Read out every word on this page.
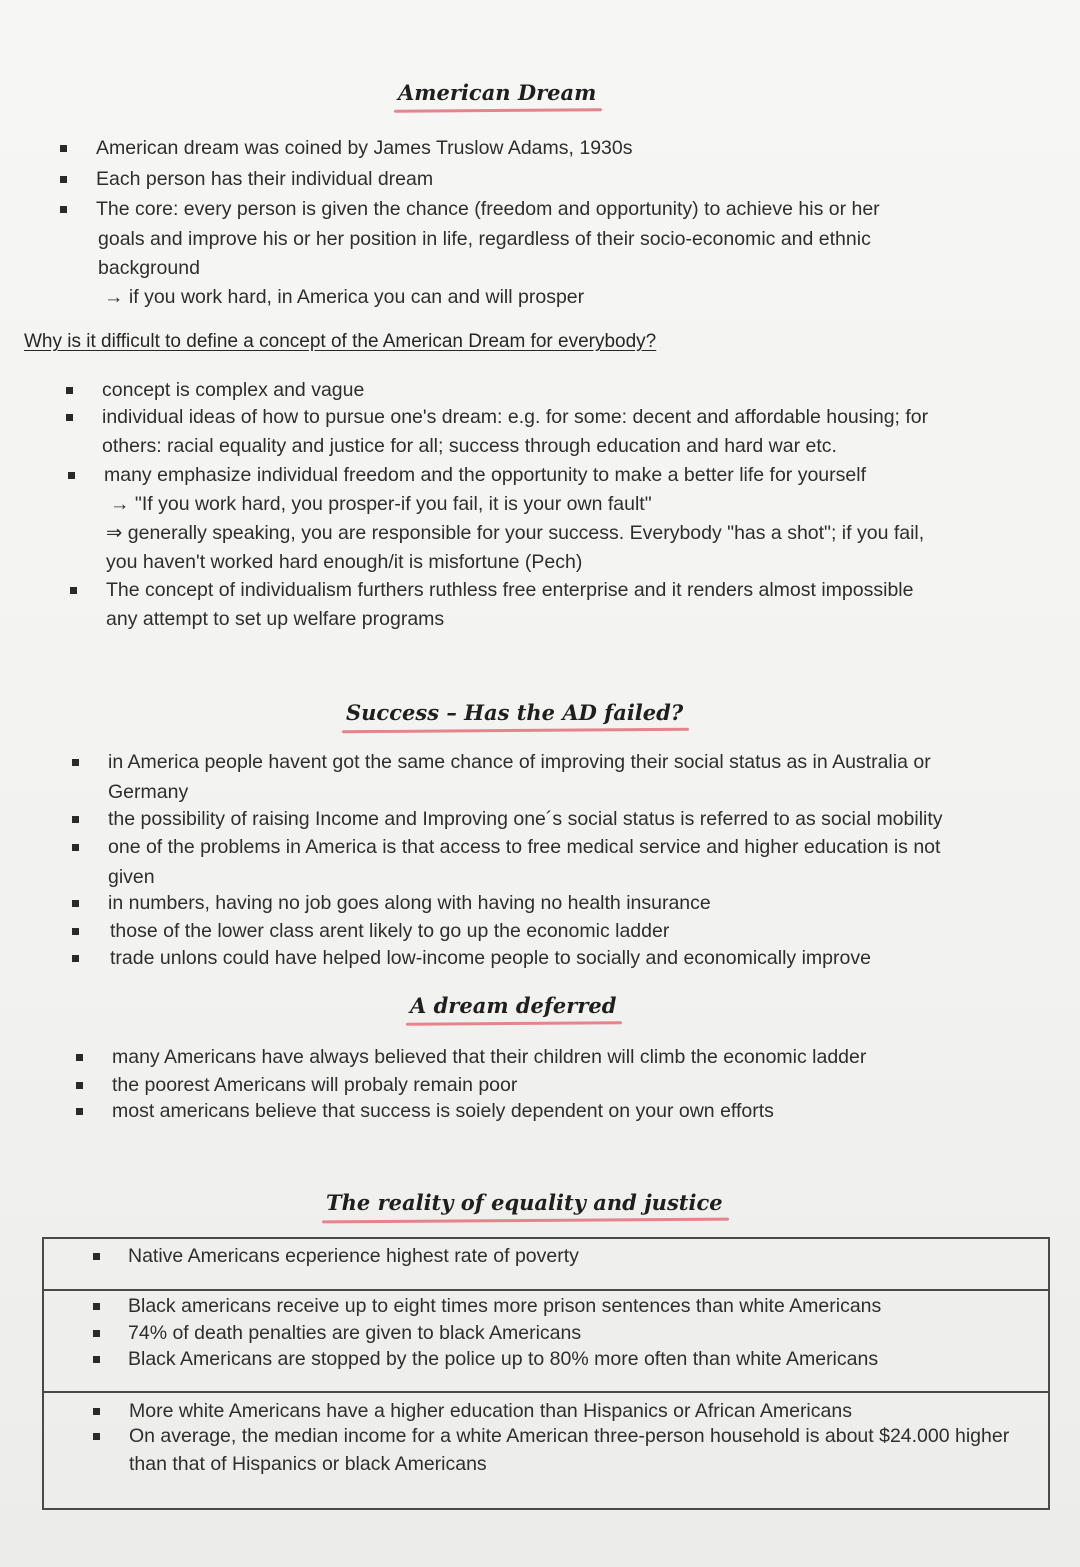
American Dream
American dream was coined by James Truslow Adams, 1930s
Each person has their individual dream
The core: every person is given the chance (freedom and opportunity) to achieve his or her
goals and improve his or her position in life, regardless of their socio-economic and ethnic
background
→ if you work hard, in America you can and will prosper
Why is it difficult to define a concept of the American Dream for everybody?
concept is complex and vague
individual ideas of how to pursue one's dream: e.g. for some: decent and affordable housing; for
others: racial equality and justice for all; success through education and hard war etc.
many emphasize individual freedom and the opportunity to make a better life for yourself
→ "If you work hard, you prosper-if you fail, it is your own fault"
⇒ generally speaking, you are responsible for your success. Everybody "has a shot"; if you fail,
you haven't worked hard enough/it is misfortune (Pech)
The concept of individualism furthers ruthless free enterprise and it renders almost impossible
any attempt to set up welfare programs
Success – Has the AD failed?
in America people havent got the same chance of improving their social status as in Australia or
Germany
the possibility of raising Income and Improving one´s social status is referred to as social mobility
one of the problems in America is that access to free medical service and higher education is not
given
in numbers, having no job goes along with having no health insurance
those of the lower class arent likely to go up the economic ladder
trade unlons could have helped low-income people to socially and economically improve
A dream deferred
many Americans have always believed that their children will climb the economic ladder
the poorest Americans will probaly remain poor
most americans believe that success is soiely dependent on your own efforts
The reality of equality and justice
Native Americans ecperience highest rate of poverty
Black americans receive up to eight times more prison sentences than white Americans
74% of death penalties are given to black Americans
Black Americans are stopped by the police up to 80% more often than white Americans
More white Americans have a higher education than Hispanics or African Americans
On average, the median income for a white American three-person household is about $24.000 higher
than that of Hispanics or black Americans
